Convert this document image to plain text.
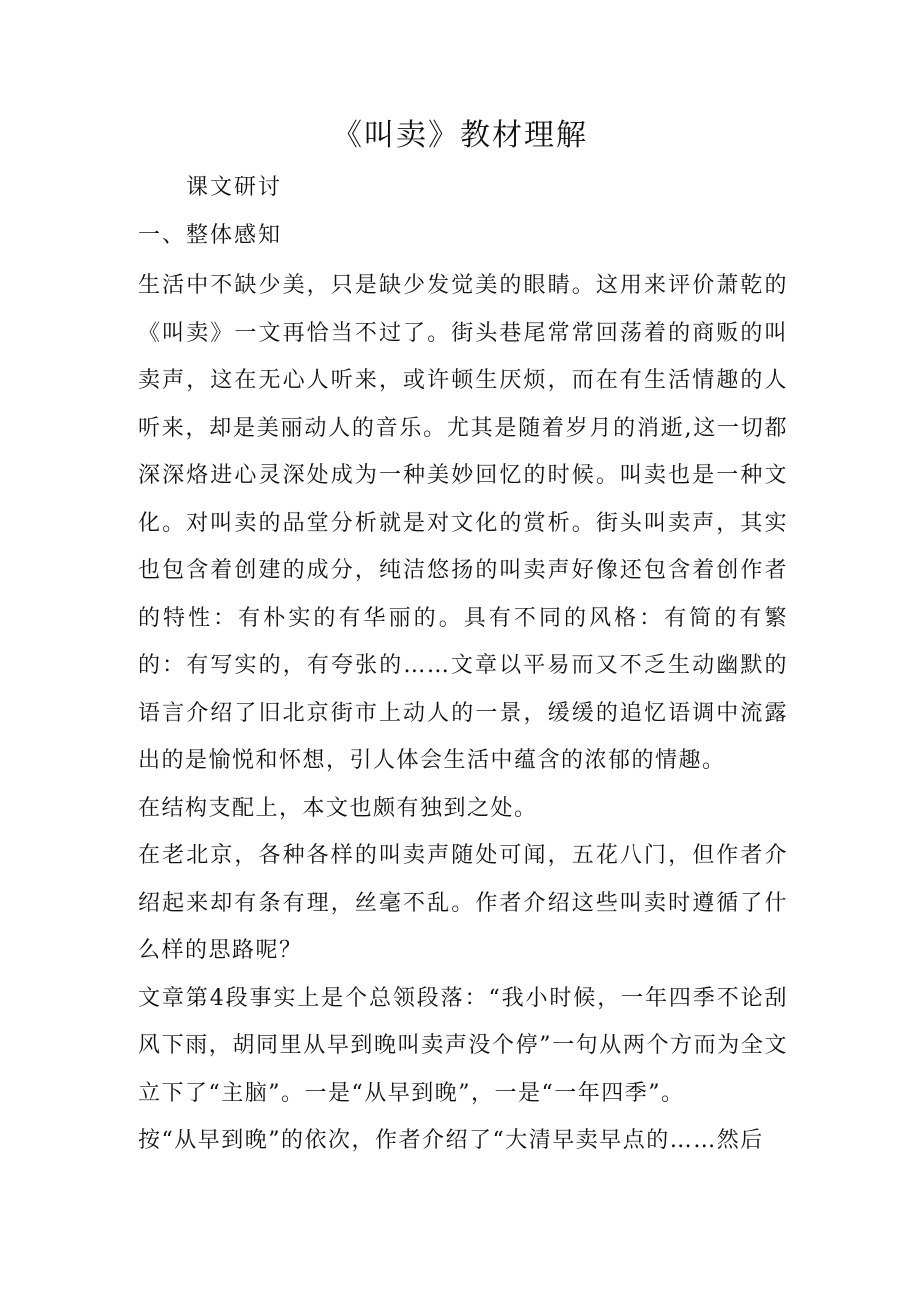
《叫卖》教材理解

课文研讨

一、整体感知

生活中不缺少美，只是缺少发觉美的眼睛。这用来评价萧乾的《叫卖》一文再恰当不过了。街头巷尾常常回荡着的商贩的叫卖声，这在无心人听来，或许顿生厌烦，而在有生活情趣的人听来，却是美丽动人的音乐。尤其是随着岁月的消逝,这一切都深深烙进心灵深处成为一种美妙回忆的时候。叫卖也是一种文化。对叫卖的品堂分析就是对文化的赏析。街头叫卖声，其实也包含着创建的成分，纯洁悠扬的叫卖声好像还包含着创作者的特性：有朴实的有华丽的。具有不同的风格：有简的有繁的：有写实的，有夸张的……文章以平易而又不乏生动幽默的语言介绍了旧北京街市上动人的一景，缓缓的追忆语调中流露出的是愉悦和怀想，引人体会生活中蕴含的浓郁的情趣。

在结构支配上，本文也颇有独到之处。

在老北京，各种各样的叫卖声随处可闻，五花八门，但作者介绍起来却有条有理，丝毫不乱。作者介绍这些叫卖时遵循了什么样的思路呢？

文章第4段事实上是个总领段落：“我小时候，一年四季不论刮风下雨，胡同里从早到晚叫卖声没个停”一句从两个方而为全文立下了“主脑”。一是“从早到晚”，一是“一年四季”。

按“从早到晚”的依次，作者介绍了“大清早卖早点的……然后
